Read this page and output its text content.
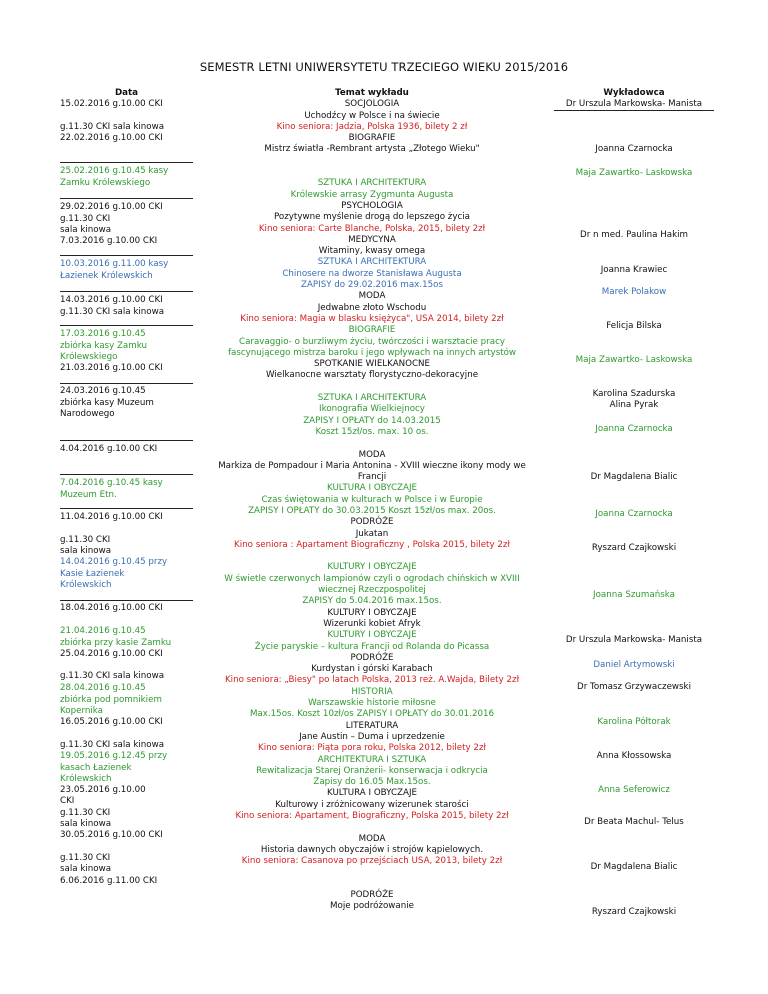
SEMESTR LETNI UNIWERSYTETU TRZECIEGO WIEKU 2015/2016
Data
15.02.2016 g.10.00 CKI

g.11.30 CKI sala kinowa
22.02.2016 g.10.00 CKI
25.02.2016 g.10.45 kasy
Zamku Królewskiego
29.02.2016 g.10.00 CKI
g.11.30 CKI
sala kinowa
7.03.2016 g.10.00 CKI
10.03.2016 g.11.00 kasy
Łazienek Królewskich
14.03.2016 g.10.00 CKI
g.11.30 CKI sala kinowa
17.03.2016 g.10.45
zbiórka kasy Zamku
Królewskiego
21.03.2016 g.10.00 CKI
24.03.2016 g.10.45
zbiórka kasy Muzeum
Narodowego
4.04.2016 g.10.00 CKI
7.04.2016 g.10.45 kasy
Muzeum Etn.
11.04.2016 g.10.00 CKI

g.11.30 CKI
sala kinowa
14.04.2016 g.10.45 przy
Kasie Łazienek
Królewskich
18.04.2016 g.10.00 CKI
21.04.2016 g.10.45
zbiórka przy kasie Zamku
25.04.2016 g.10.00 CKI

g.11.30 CKI sala kinowa
28.04.2016 g.10.45
zbiórka pod pomnikiem
Kopernika
16.05.2016 g.10.00 CKI

g.11.30 CKI sala kinowa
19.05.2016 g.12.45 przy
kasach Łazienek
Królewskich
23.05.2016 g.10.00
CKI
g.11.30 CKI
sala kinowa
30.05.2016 g.10.00 CKI

g.11.30 CKI
sala kinowa
6.06.2016 g.11.00 CKI
Temat wykładu
SOCJOLOGIA
Uchodźcy w Polsce i na świecie
Kino seniora: Jadzia, Polska 1936, bilety 2 zł
BIOGRAFIE
Mistrz światła -Rembrant artysta „Złotego Wieku"

SZTUKA I ARCHITEKTURA
Królewskie arrasy Zygmunta Augusta
PSYCHOLOGIA
Pozytywne myślenie drogą do lepszego życia
Kino seniora: Carte Blanche, Polska, 2015, bilety 2zł
MEDYCYNA
Witaminy, kwasy omega
SZTUKA I ARCHITEKTURA
Chinosere na dworze Stanisława Augusta
ZAPISY do 29.02.2016 max.15os
MODA
Jedwabne złoto Wschodu
Kino seniora: Magia w blasku księżyca", USA 2014, bilety 2zł
BIOGRAFIE
Caravaggio- o burzliwym życiu, twórczości i warsztacie pracy
fascynującego mistrza baroku i jego wpływach na innych artystów
SPOTKANIE WIELKANOCNE
Wielkanocne warsztaty florystyczno-dekoracyjne

SZTUKA I ARCHITEKTURA
Ikonografia Wielkiejnocy
ZAPISY I OPŁATY do 14.03.2015
Koszt 15zł/os. max. 10 os.

MODA
Markiza de Pompadour i Maria Antonina - XVIII wieczne ikony mody we
Francji
KULTURA I OBYCZAJE
Czas świętowania w kulturach w Polsce i w Europie
ZAPISY I OPŁATY do 30.03.2015 Koszt 15zł/os max. 20os.
PODRÓŻE
Jukatan
Kino seniora : Apartament Biograficzny , Polska 2015, bilety 2zł

KULTURY I OBYCZAJE
W świetle czerwonych lampionów czyli o ogrodach chińskich w XVIII
wiecznej Rzeczpospolitej
ZAPISY do 5.04.2016 max.15os.
KULTURY I OBYCZAJE
Wizerunki kobiet Afryk
KULTURY I OBYCZAJE
Życie paryskie – kultura Francji od Rolanda do Picassa
PODRÓŻE
Kurdystan i górski Karabach
Kino seniora: „Biesy" po latach Polska, 2013 reż. A.Wajda, Bilety 2zł
HISTORIA
Warszawskie historie miłosne
Max.15os. Koszt 10zł/os ZAPISY I OPŁATY do 30.01.2016
LITERATURA
Jane Austin – Duma i uprzedzenie
Kino seniora: Piąta pora roku, Polska 2012, bilety 2zł
ARCHITEKTURA I SZTUKA
Rewitalizacja Starej Oranżerii- konserwacja i odkrycia
Zapisy do 16.05 Max.15os.
KULTURA I OBYCZAJE
Kulturowy i zróżnicowany wizerunek starości
Kino seniora: Apartament, Biograficzny, Polska 2015, bilety 2zł

MODA
Historia dawnych obyczajów i strojów kąpielowych.
Kino seniora: Casanova po przejściach USA, 2013, bilety 2zł

PODRÓŻE
Moje podróżowanie
Wykładowca
Dr Urszula Markowska- Manista
Joanna Czarnocka
Maja Zawartko- Laskowska
Dr n med. Paulina Hakim
Joanna Krawiec
Marek Polakow
Felicja Bilska
Maja Zawartko- Laskowska
Karolina Szadurska
Alina Pyrak
Joanna Czarnocka
Dr Magdalena Bialic
Joanna Czarnocka
Ryszard Czajkowski
Joanna Szumańska
Dr Urszula Markowska- Manista
Daniel Artymowski
Dr Tomasz Grzywaczewski
Karolina Półtorak
Anna Kłossowska
Anna Seferowicz
Dr Beata Machul- Telus
Dr Magdalena Bialic
Ryszard Czajkowski
